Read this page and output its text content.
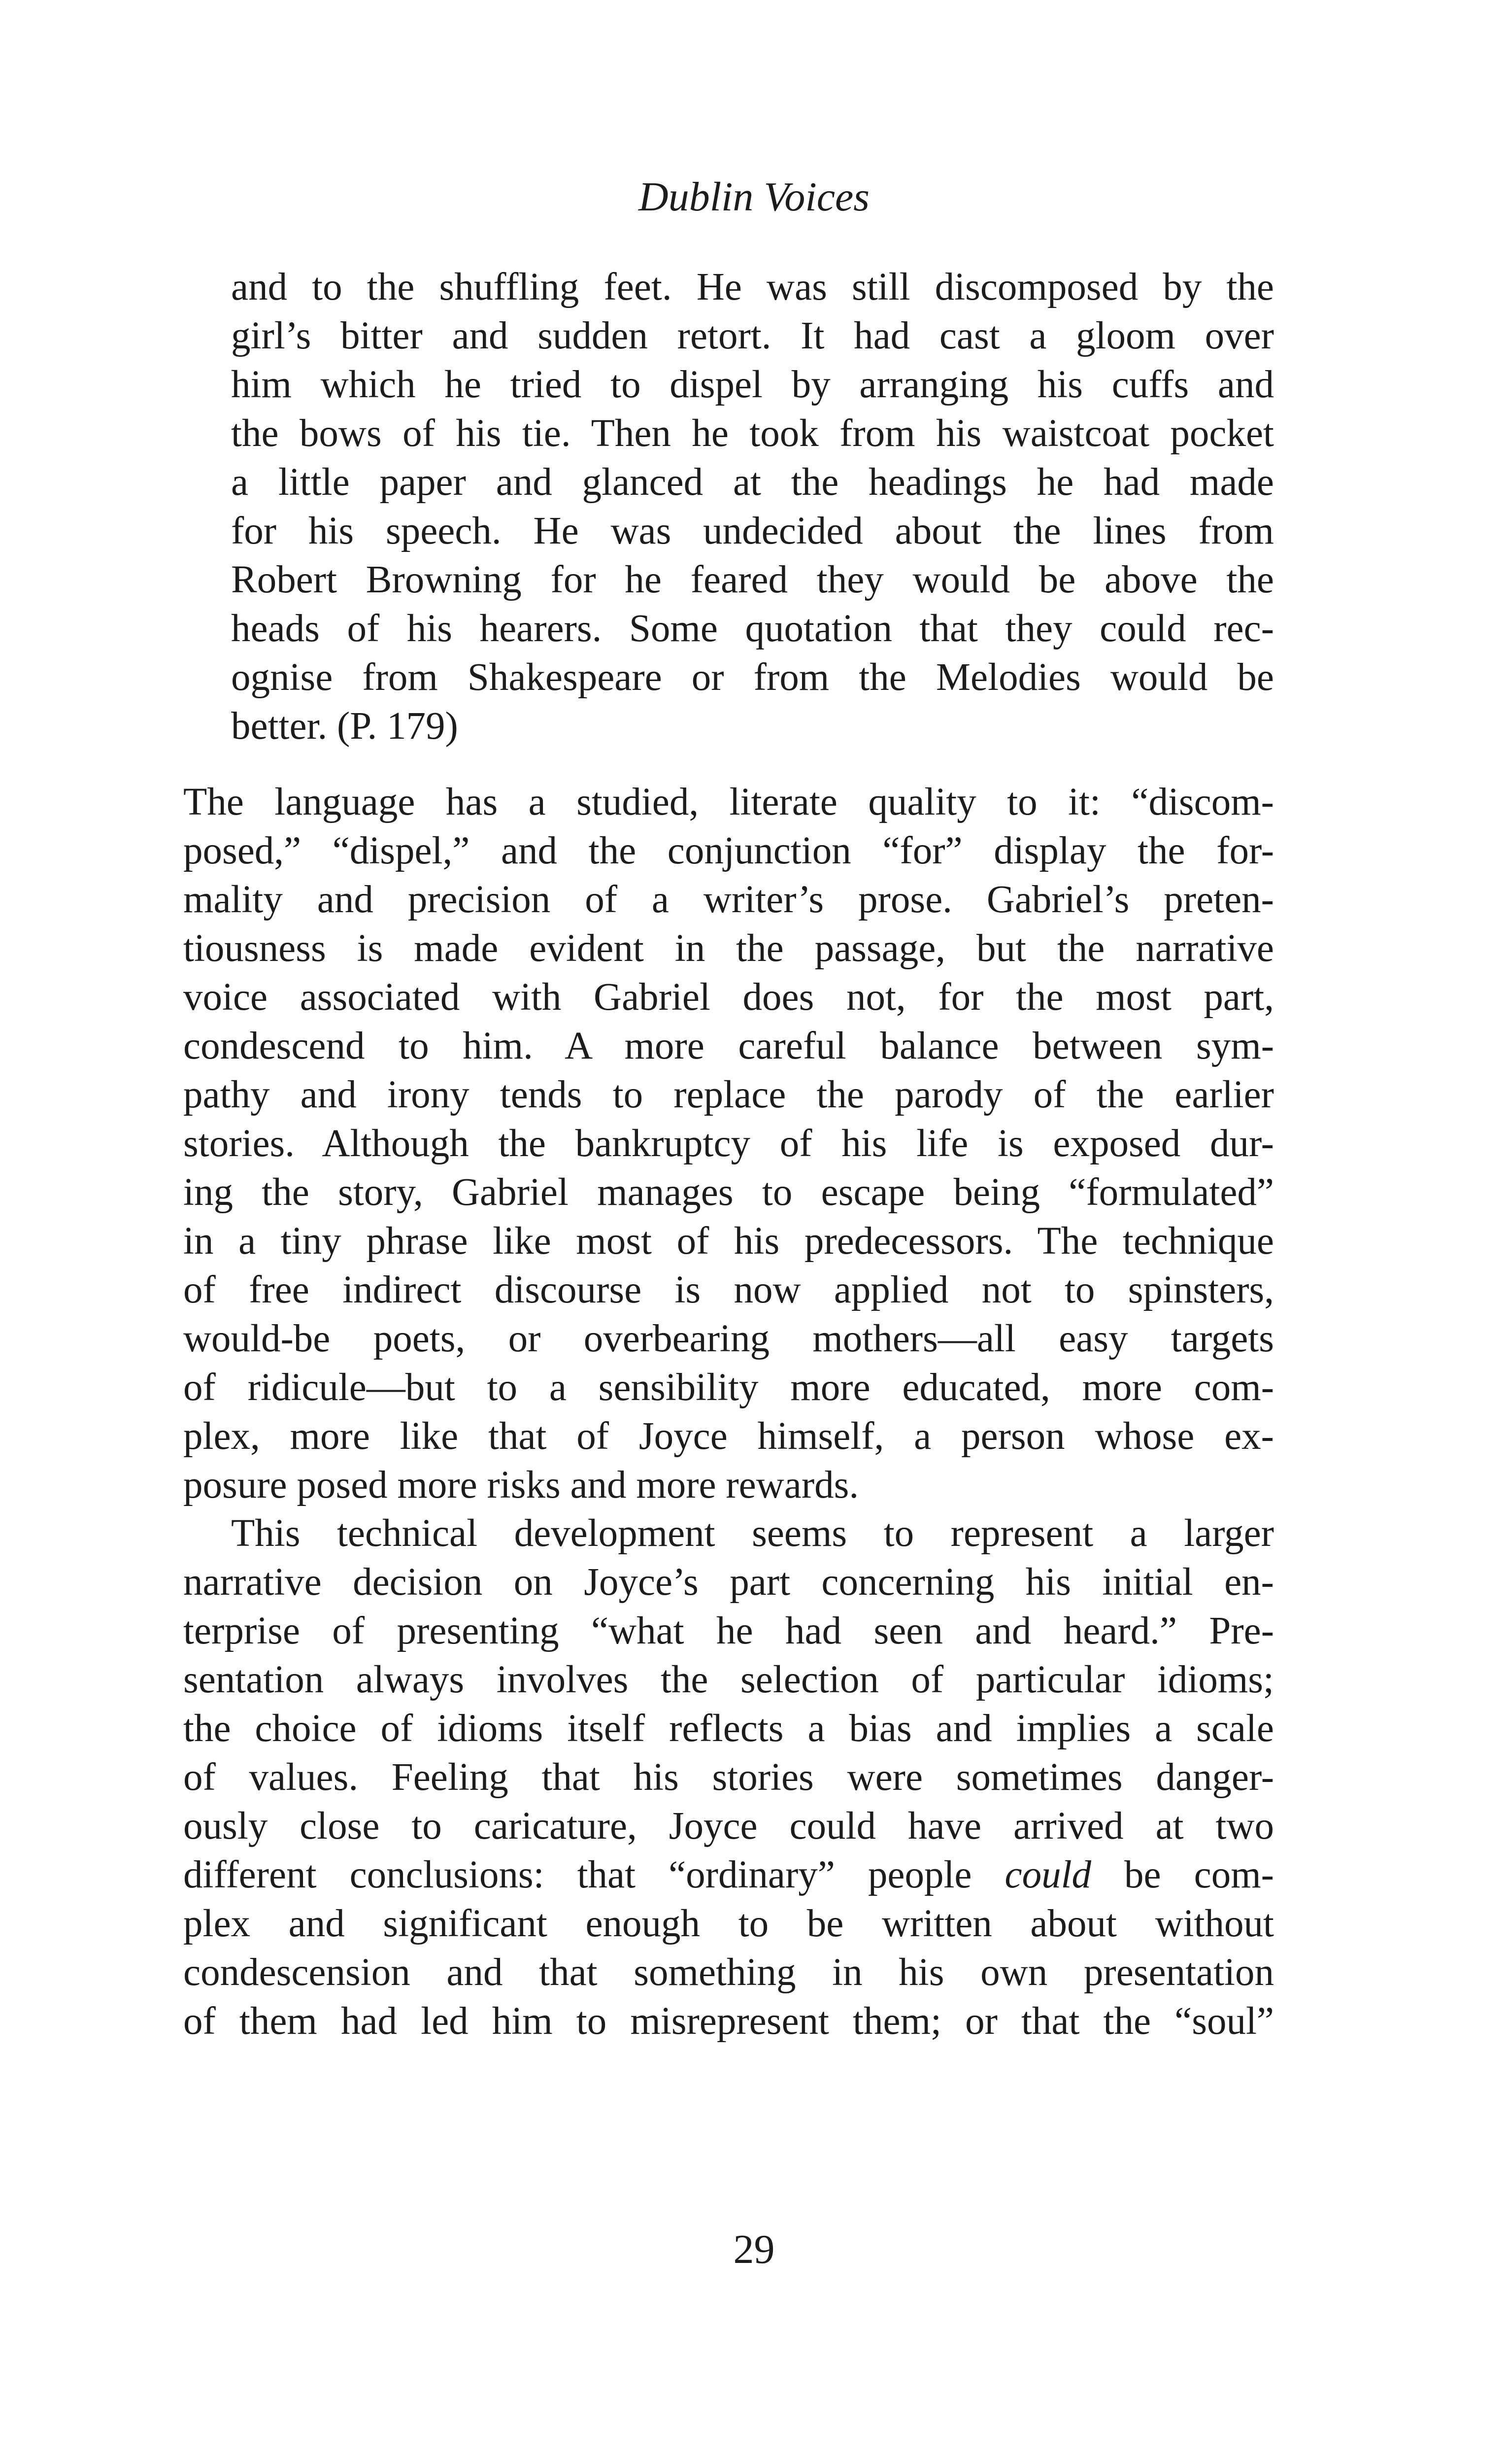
Dublin Voices
and to the shuffling feet. He was still discomposed by the
girl’s bitter and sudden retort. It had cast a gloom over
him which he tried to dispel by arranging his cuffs and
the bows of his tie. Then he took from his waistcoat pocket
a little paper and glanced at the headings he had made
for his speech. He was undecided about the lines from
Robert Browning for he feared they would be above the
heads of his hearers. Some quotation that they could rec-
ognise from Shakespeare or from the Melodies would be
better. (P. 179)
The language has a studied, literate quality to it: “discom-
posed,” “dispel,” and the conjunction “for” display the for-
mality and precision of a writer’s prose. Gabriel’s preten-
tiousness is made evident in the passage, but the narrative
voice associated with Gabriel does not, for the most part,
condescend to him. A more careful balance between sym-
pathy and irony tends to replace the parody of the earlier
stories. Although the bankruptcy of his life is exposed dur-
ing the story, Gabriel manages to escape being “formulated”
in a tiny phrase like most of his predecessors. The technique
of free indirect discourse is now applied not to spinsters,
would-be poets, or overbearing mothers—all easy targets
of ridicule—but to a sensibility more educated, more com-
plex, more like that of Joyce himself, a person whose ex-
posure posed more risks and more rewards.
This technical development seems to represent a larger
narrative decision on Joyce’s part concerning his initial en-
terprise of presenting “what he had seen and heard.” Pre-
sentation always involves the selection of particular idioms;
the choice of idioms itself reflects a bias and implies a scale
of values. Feeling that his stories were sometimes danger-
ously close to caricature, Joyce could have arrived at two
different conclusions: that “ordinary” people could be com-
plex and significant enough to be written about without
condescension and that something in his own presentation
of them had led him to misrepresent them; or that the “soul”
29
